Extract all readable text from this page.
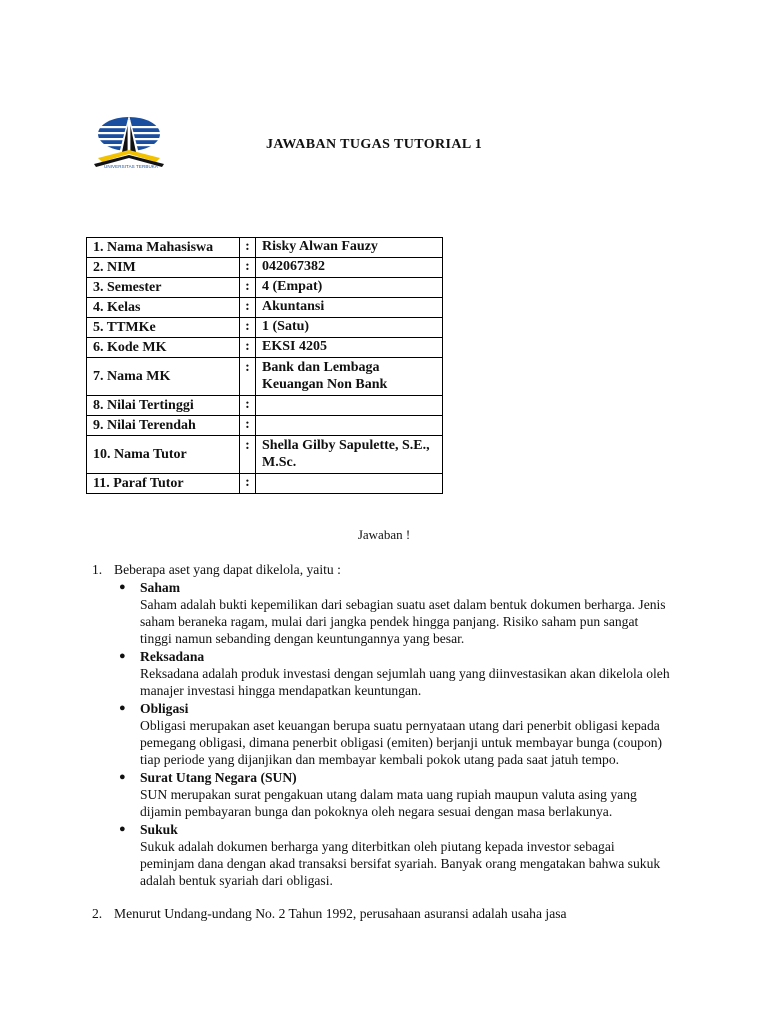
UNIVERSITAS TERBUKA
JAWABAN TUGAS TUTORIAL 1
1. Nama Mahasiswa	:	Risky Alwan Fauzy
2. NIM	:	042067382
3. Semester	:	4 (Empat)
4. Kelas	:	Akuntansi
5. TTMKe	:	1 (Satu)
6. Kode MK	:	EKSI 4205
7. Nama MK	:	Bank dan Lembaga Keuangan Non Bank
8. Nilai Tertinggi	:	
9. Nilai Terendah	:	
10. Nama Tutor	:	Shella Gilby Sapulette, S.E., M.Sc.
11. Paraf Tutor	:	
Jawaban !
1. Beberapa aset yang dapat dikelola, yaitu :
● Saham
Saham adalah bukti kepemilikan dari sebagian suatu aset dalam bentuk dokumen berharga. Jenis saham beraneka ragam, mulai dari jangka pendek hingga panjang. Risiko saham pun sangat tinggi namun sebanding dengan keuntungannya yang besar.
● Reksadana
Reksadana adalah produk investasi dengan sejumlah uang yang diinvestasikan akan dikelola oleh manajer investasi hingga mendapatkan keuntungan.
● Obligasi
Obligasi merupakan aset keuangan berupa suatu pernyataan utang dari penerbit obligasi kepada pemegang obligasi, dimana penerbit obligasi (emiten) berjanji untuk membayar bunga (coupon) tiap periode yang dijanjikan dan membayar kembali pokok utang pada saat jatuh tempo.
● Surat Utang Negara (SUN)
SUN merupakan surat pengakuan utang dalam mata uang rupiah maupun valuta asing yang dijamin pembayaran bunga dan pokoknya oleh negara sesuai dengan masa berlakunya.
● Sukuk
Sukuk adalah dokumen berharga yang diterbitkan oleh piutang kepada investor sebagai peminjam dana dengan akad transaksi bersifat syariah. Banyak orang mengatakan bahwa sukuk adalah bentuk syariah dari obligasi.
2. Menurut Undang-undang No. 2 Tahun 1992, perusahaan asuransi adalah usaha jasa
